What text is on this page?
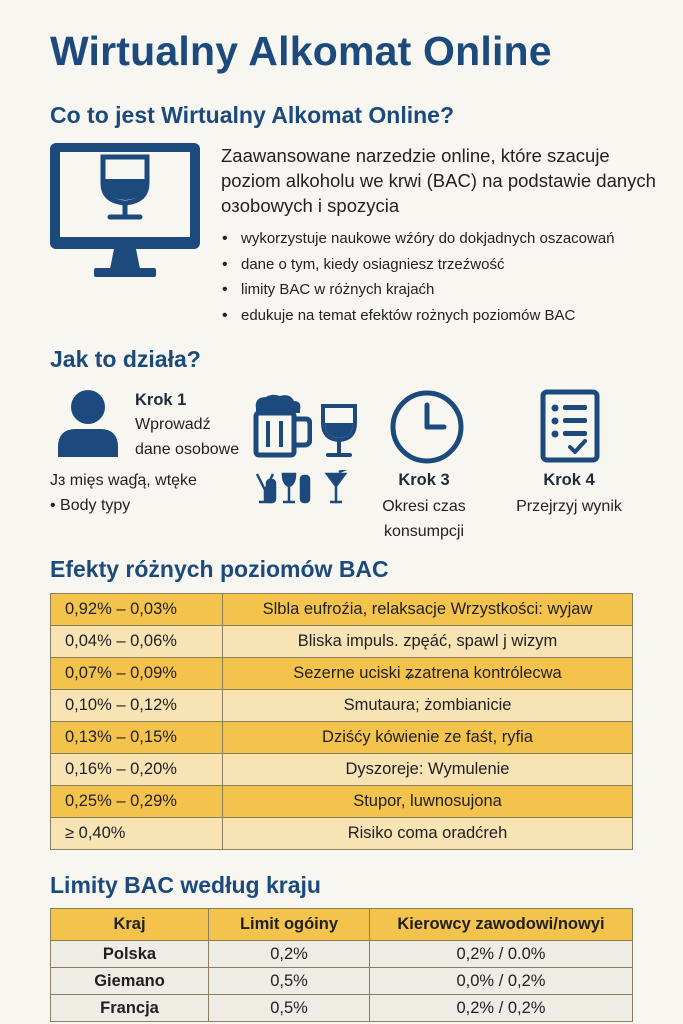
Wirtualny Alkomat Online
Co to jest Wirtualny Alkomat Online?
Zaawansowane narzedzie online, które szacuje poziom alkoholu we krwi (BAC) na podstawie danych oзobowych i spozycia
• wykorzystuje naukowe wźóry do dokjadnych oszacowań
• dane o tym, kiedy osiagniesz trzeźwość
• limity BAC w różnych krajaćh
• edukuje na temat efektów rożnych poziomów BAC
Jak to działa?
Krok 1
Wprowadź
dane osobowe
Jɜ mięs waɠą, wtęke
• Body typy
Krok 3
Okresi czas
konsumpcji
Krok 4
Przejrzyj wynik
Efekty różnych poziomów BAC
0,92% – 0,03%	Slbla eufroźia, relaksacje Wrzystkości: wyjaw
0,04% – 0,06%	Bliska impuls. zpęáć, spawl j wizym
0,07% – 0,09%	Sezerne uciski ʑzatrena kontrólecwa
0,10% – 0,12%	Smutaura; żombianicie
0,13% – 0,15%	Dziśćy kówienie ze faśt, ryfia
0,16% – 0,20%	Dyszoreje: Wymulenie
0,25% – 0,29%	Stupor, luwnosujona
≥ 0,40%	Risiko coma oradćreh
Limity BAC według kraju
Kraj	Limit ogóiny	Kierowcy zawodowi/nowyi
Polska	0,2%	0,2% / 0.0%
Giemano	0,5%	0,0% / 0,2%
Francja	0,5%	0,2% / 0,2%
